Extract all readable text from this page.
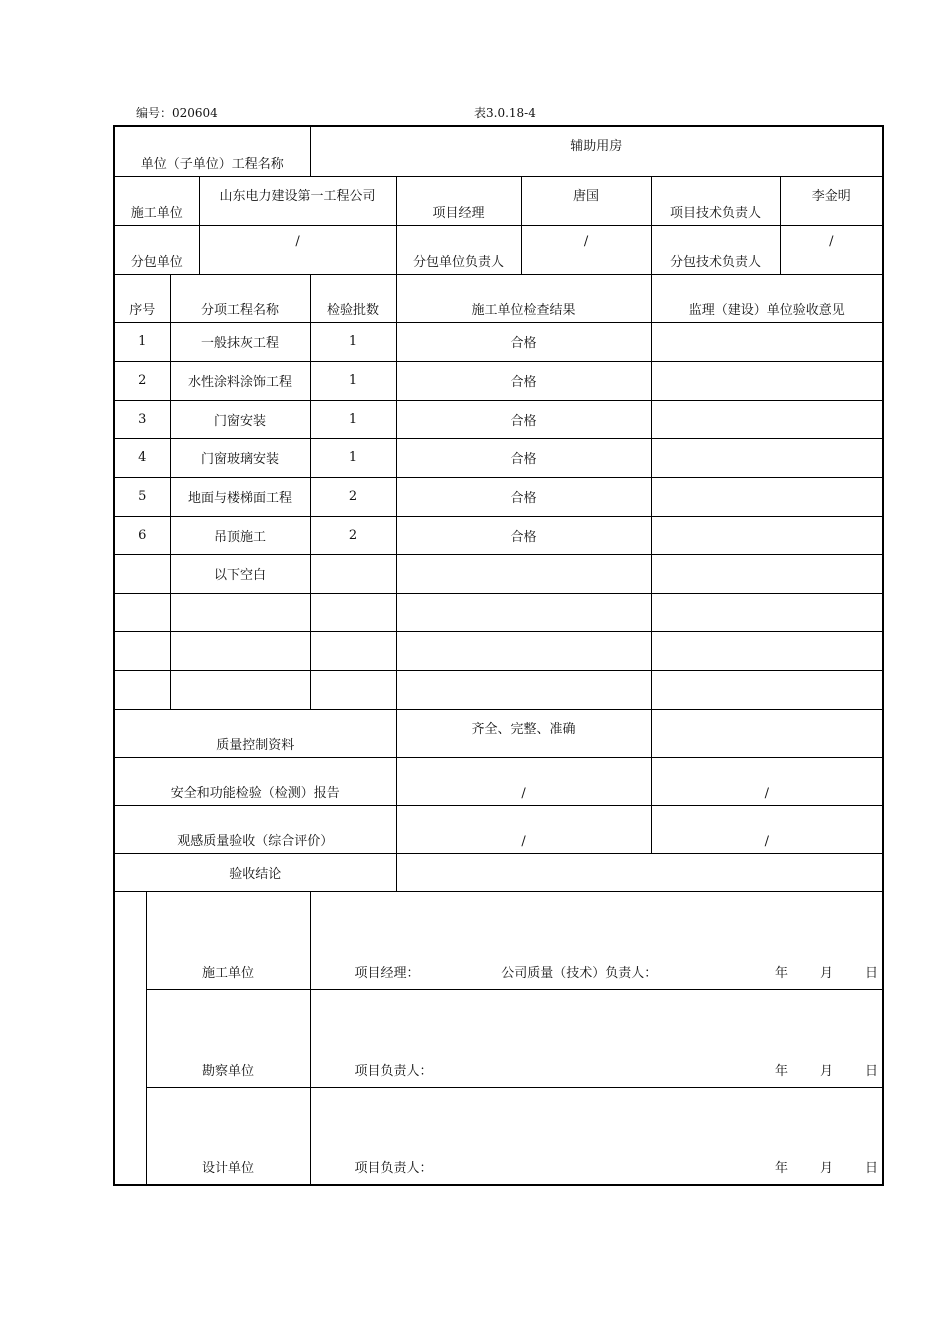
编号：020604	表3.0.18-4
单位（子单位）工程名称				辅助用房				
施工单位			山东电力建设第一工程公司		项目经理	唐国	项目技术负责人	李金明
分包单位			/		分包单位负责人	/	分包技术负责人	/
序号		分项工程名称		检验批数	施工单位检查结果		监理（建设）单位验收意见	
1		一般抹灰工程		1	合格			
2		水性涂料涂饰工程		1	合格			
3		门窗安装		1	合格			
4		门窗玻璃安装		1	合格			
5		地面与楼梯面工程		2	合格			
6		吊顶施工		2	合格			
		以下空白						

质量控制资料					齐全、完整、准确			
安全和功能检验（检测）报告					/		/	
观感质量验收（综合评价）					/		/	
验收结论								
	施工单位			项目经理： 公司质量（技术）负责人： 年 月 日				

	勘察单位			项目负责人： 年 月 日				

	设计单位			项目负责人： 年 月 日				
